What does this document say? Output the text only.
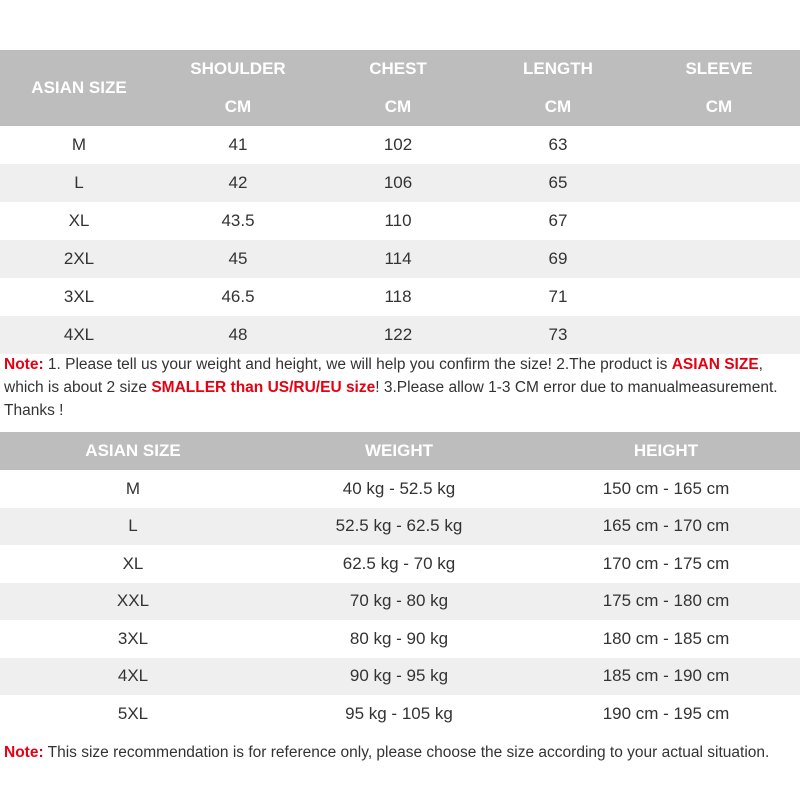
ASIAN SIZE	SHOULDER	CHEST	LENGTH	SLEEVE
	CM	CM	CM	CM
M	41	102	63	
L	42	106	65	
XL	43.5	110	67	
2XL	45	114	69	
3XL	46.5	118	71	
4XL	48	122	73	
Note: 1. Please tell us your weight and height, we will help you confirm the size! 2.The product is ASIAN SIZE, which is about 2 size SMALLER than US/RU/EU size! 3.Please allow 1-3 CM error due to manualmeasurement. Thanks !
ASIAN SIZE	WEIGHT	HEIGHT
M	40 kg - 52.5 kg	150 cm - 165 cm
L	52.5 kg - 62.5 kg	165 cm - 170 cm
XL	62.5 kg - 70 kg	170 cm - 175 cm
XXL	70 kg - 80 kg	175 cm - 180 cm
3XL	80 kg - 90 kg	180 cm - 185 cm
4XL	90 kg - 95 kg	185 cm - 190 cm
5XL	95 kg - 105 kg	190 cm - 195 cm
Note: This size recommendation is for reference only, please choose the size according to your actual situation.
